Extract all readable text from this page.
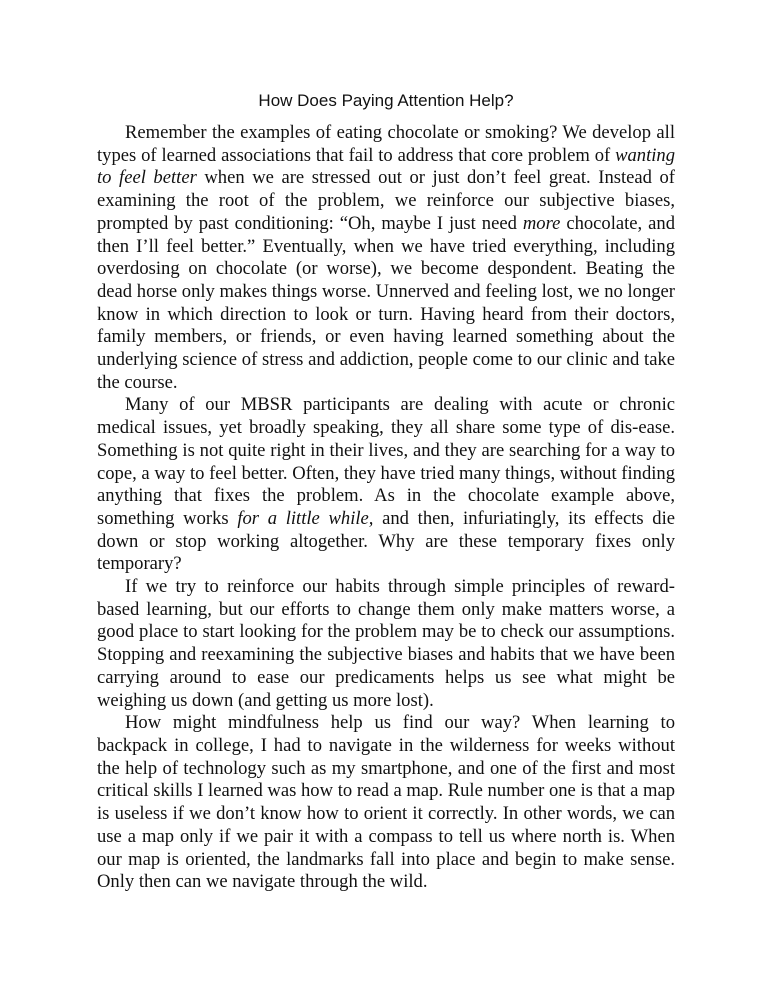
How Does Paying Attention Help?

Remember the examples of eating chocolate or smoking? We develop all types of learned associations that fail to address that core problem of wanting to feel better when we are stressed out or just don’t feel great. Instead of examining the root of the problem, we reinforce our subjective biases, prompted by past conditioning: “Oh, maybe I just need more chocolate, and then I’ll feel better.” Eventually, when we have tried everything, including overdosing on chocolate (or worse), we become despondent. Beating the dead horse only makes things worse. Unnerved and feeling lost, we no longer know in which direction to look or turn. Having heard from their doctors, family members, or friends, or even having learned something about the underlying science of stress and addiction, people come to our clinic and take the course.

Many of our MBSR participants are dealing with acute or chronic medical issues, yet broadly speaking, they all share some type of dis-ease. Something is not quite right in their lives, and they are searching for a way to cope, a way to feel better. Often, they have tried many things, without finding anything that fixes the problem. As in the chocolate example above, something works for a little while, and then, infuriatingly, its effects die down or stop working altogether. Why are these temporary fixes only temporary?

If we try to reinforce our habits through simple principles of reward-based learning, but our efforts to change them only make matters worse, a good place to start looking for the problem may be to check our assumptions. Stopping and reexamining the subjective biases and habits that we have been carrying around to ease our predicaments helps us see what might be weighing us down (and getting us more lost).

How might mindfulness help us find our way? When learning to backpack in college, I had to navigate in the wilderness for weeks without the help of technology such as my smartphone, and one of the first and most critical skills I learned was how to read a map. Rule number one is that a map is useless if we don’t know how to orient it correctly. In other words, we can use a map only if we pair it with a compass to tell us where north is. When our map is oriented, the landmarks fall into place and begin to make sense. Only then can we navigate through the wild.
